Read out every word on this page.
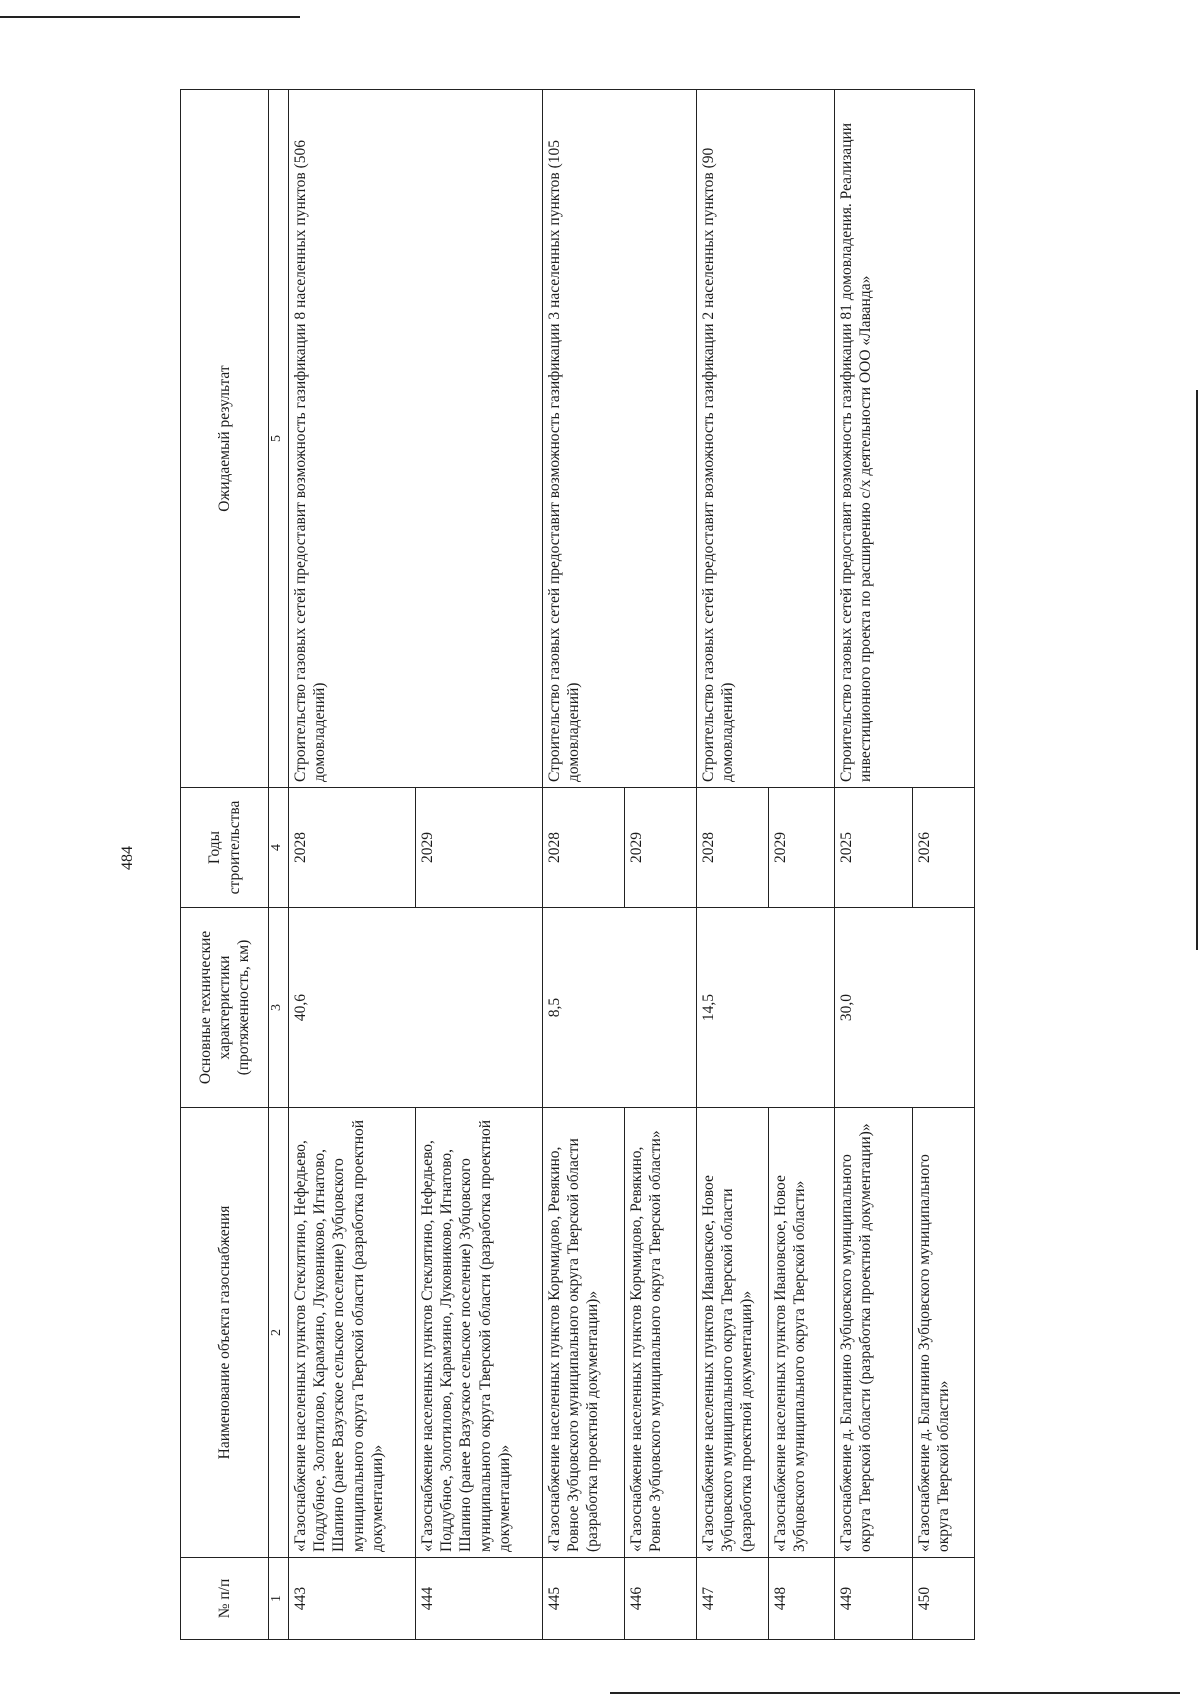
484
№ п/п	Наименование объекта газоснабжения	Основные технические характеристики (протяженность, км)	Годы строительства	Ожидаемый результат
1	2	3	4	5
443	«Газоснабжение населенных пунктов Стеклятино, Нефедьево, Поддубное, Золотилово, Карамзино, Луковниково, Игнатово, Шапино (ранее Вазузское сельское поселение) Зубцовского муниципального округа Тверской области (разработка проектной документации)»	40,6	2028	Строительство газовых сетей предоставит возможность газификации 8 населенных пунктов (506 домовладений)
444	«Газоснабжение населенных пунктов Стеклятино, Нефедьево, Поддубное, Золотилово, Карамзино, Луковниково, Игнатово, Шапино (ранее Вазузское сельское поселение) Зубцовского муниципального округа Тверской области (разработка проектной документации)»		2029	
445	«Газоснабжение населенных пунктов Корчмидово, Ревякино, Ровное Зубцовского муниципального округа Тверской области (разработка проектной документации)»	8,5	2028	Строительство газовых сетей предоставит возможность газификации 3 населенных пунктов (105 домовладений)
446	«Газоснабжение населенных пунктов Корчмидово, Ревякино, Ровное Зубцовского муниципального округа Тверской области»		2029	
447	«Газоснабжение населенных пунктов Ивановское, Новое Зубцовского муниципального округа Тверской области (разработка проектной документации)»	14,5	2028	Строительство газовых сетей предоставит возможность газификации 2 населенных пунктов (90 домовладений)
448	«Газоснабжение населенных пунктов Ивановское, Новое Зубцовского муниципального округа Тверской области»		2029	
449	«Газоснабжение д. Благинино Зубцовского муниципального округа Тверской области (разработка проектной документации)»	30,0	2025	Строительство газовых сетей предоставит возможность газификации 81 домовладения. Реализации инвестиционного проекта по расширению с/х деятельности ООО «Лаванда»
450	«Газоснабжение д. Благинино Зубцовского муниципального округа Тверской области»		2026	
